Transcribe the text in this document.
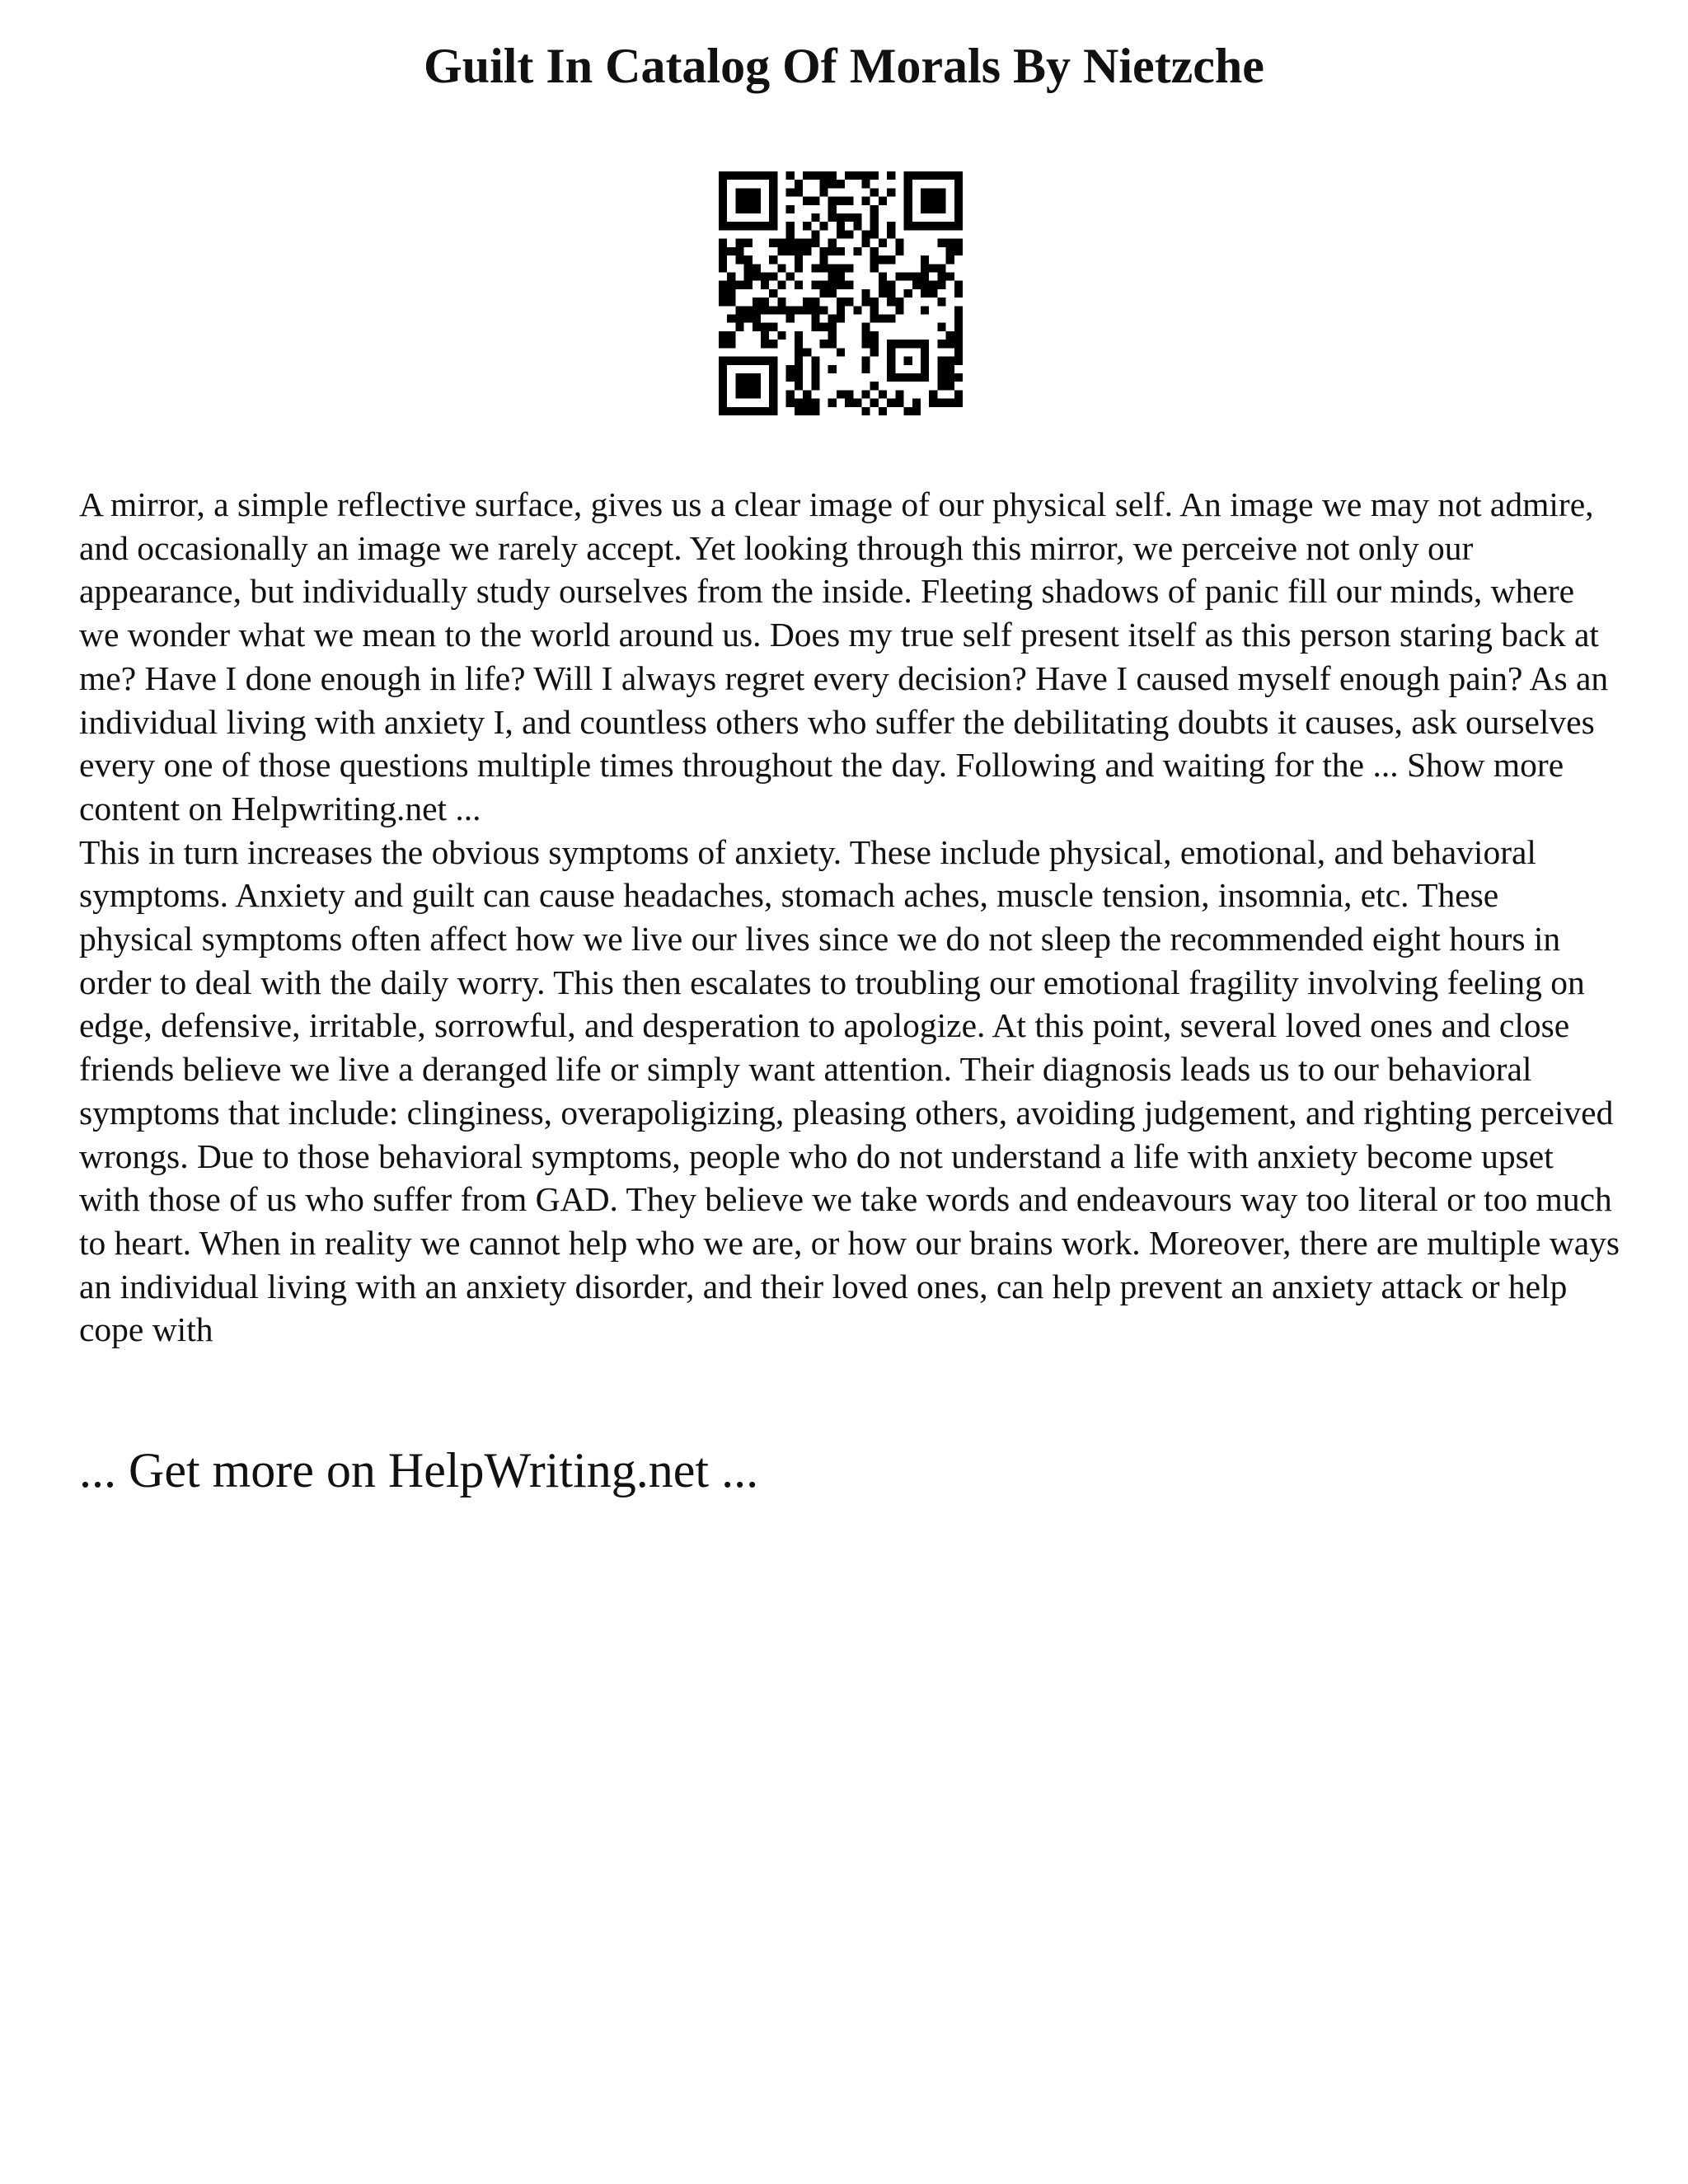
Guilt In Catalog Of Morals By Nietzche

A mirror, a simple reflective surface, gives us a clear image of our physical self. An image we may not admire, and occasionally an image we rarely accept. Yet looking through this mirror, we perceive not only our appearance, but individually study ourselves from the inside. Fleeting shadows of panic fill our minds, where we wonder what we mean to the world around us. Does my true self present itself as this person staring back at me? Have I done enough in life? Will I always regret every decision? Have I caused myself enough pain? As an individual living with anxiety I, and countless others who suffer the debilitating doubts it causes, ask ourselves every one of those questions multiple times throughout the day. Following and waiting for the ... Show more content on Helpwriting.net ...

This in turn increases the obvious symptoms of anxiety. These include physical, emotional, and behavioral symptoms. Anxiety and guilt can cause headaches, stomach aches, muscle tension, insomnia, etc. These physical symptoms often affect how we live our lives since we do not sleep the recommended eight hours in order to deal with the daily worry. This then escalates to troubling our emotional fragility involving feeling on edge, defensive, irritable, sorrowful, and desperation to apologize. At this point, several loved ones and close friends believe we live a deranged life or simply want attention. Their diagnosis leads us to our behavioral symptoms that include: clinginess, overapoligizing, pleasing others, avoiding judgement, and righting perceived wrongs. Due to those behavioral symptoms, people who do not understand a life with anxiety become upset with those of us who suffer from GAD. They believe we take words and endeavours way too literal or too much to heart. When in reality we cannot help who we are, or how our brains work. Moreover, there are multiple ways an individual living with an anxiety disorder, and their loved ones, can help prevent an anxiety attack or help cope with

... Get more on HelpWriting.net ...
